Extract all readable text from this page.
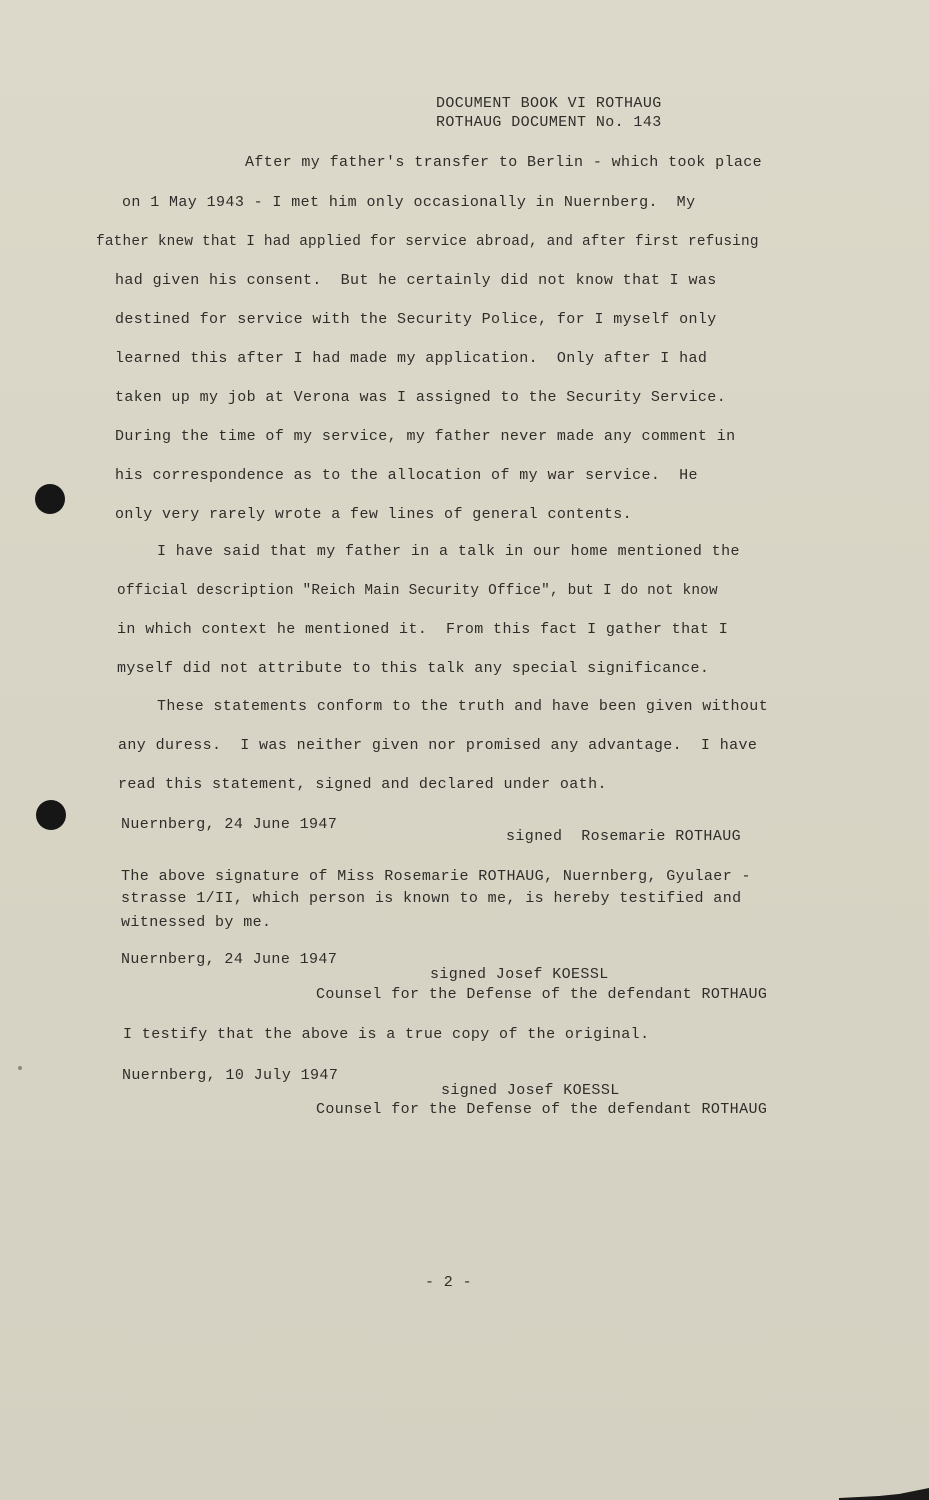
DOCUMENT BOOK VI ROTHAUG
ROTHAUG DOCUMENT No. 143
After my father's transfer to Berlin - which took place
on 1 May 1943 - I met him only occasionally in Nuernberg.  My
father knew that I had applied for service abroad, and after first refusing
had given his consent.  But he certainly did not know that I was
destined for service with the Security Police, for I myself only
learned this after I had made my application.  Only after I had
taken up my job at Verona was I assigned to the Security Service.
During the time of my service, my father never made any comment in
his correspondence as to the allocation of my war service.  He
only very rarely wrote a few lines of general contents.
I have said that my father in a talk in our home mentioned the
official description "Reich Main Security Office", but I do not know
in which context he mentioned it.  From this fact I gather that I
myself did not attribute to this talk any special significance.
These statements conform to the truth and have been given without
any duress.  I was neither given nor promised any advantage.  I have
read this statement, signed and declared under oath.
Nuernberg, 24 June 1947
signed  Rosemarie ROTHAUG
The above signature of Miss Rosemarie ROTHAUG, Nuernberg, Gyulaer -
strasse 1/II, which person is known to me, is hereby testified and
witnessed by me.
Nuernberg, 24 June 1947
signed Josef KOESSL
Counsel for the Defense of the defendant ROTHAUG
I testify that the above is a true copy of the original.
Nuernberg, 10 July 1947
signed Josef KOESSL
Counsel for the Defense of the defendant ROTHAUG
- 2 -
